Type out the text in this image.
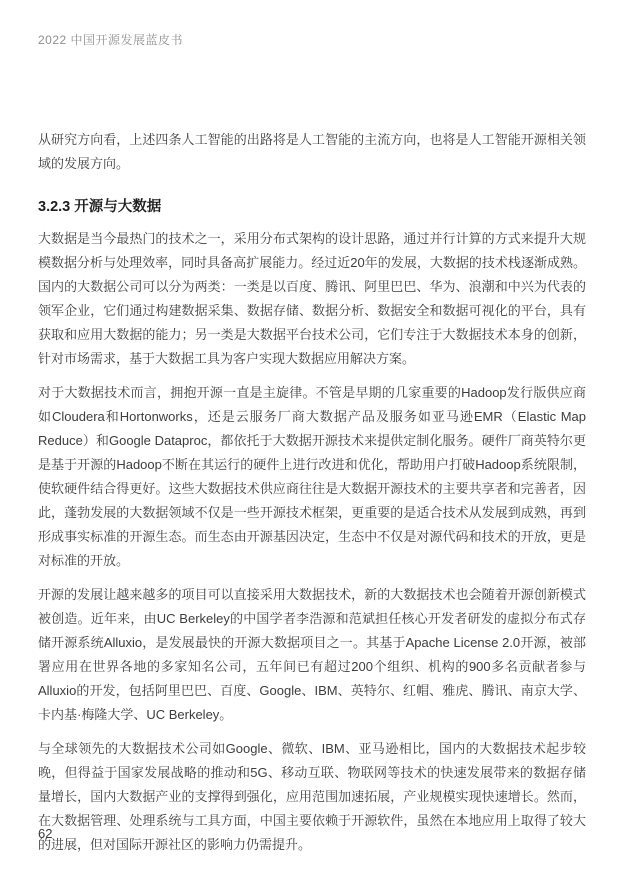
2022 中国开源发展蓝皮书

从研究方向看，上述四条人工智能的出路将是人工智能的主流方向，也将是人工智能开源相关领域的发展方向。

3.2.3 开源与大数据

大数据是当今最热门的技术之一，采用分布式架构的设计思路，通过并行计算的方式来提升大规模数据分析与处理效率，同时具备高扩展能力。经过近20年的发展，大数据的技术栈逐渐成熟。国内的大数据公司可以分为两类：一类是以百度、腾讯、阿里巴巴、华为、浪潮和中兴为代表的领军企业，它们通过构建数据采集、数据存储、数据分析、数据安全和数据可视化的平台，具有获取和应用大数据的能力；另一类是大数据平台技术公司，它们专注于大数据技术本身的创新，针对市场需求，基于大数据工具为客户实现大数据应用解决方案。

对于大数据技术而言，拥抱开源一直是主旋律。不管是早期的几家重要的Hadoop发行版供应商如Cloudera和Hortonworks，还是云服务厂商大数据产品及服务如亚马逊EMR（Elastic Map Reduce）和Google Dataproc，都依托于大数据开源技术来提供定制化服务。硬件厂商英特尔更是基于开源的Hadoop不断在其运行的硬件上进行改进和优化，帮助用户打破Hadoop系统限制，使软硬件结合得更好。这些大数据技术供应商往往是大数据开源技术的主要共享者和完善者，因此，蓬勃发展的大数据领域不仅是一些开源技术框架，更重要的是适合技术从发展到成熟，再到形成事实标准的开源生态。而生态由开源基因决定，生态中不仅是对源代码和技术的开放，更是对标准的开放。

开源的发展让越来越多的项目可以直接采用大数据技术，新的大数据技术也会随着开源创新模式被创造。近年来，由UC Berkeley的中国学者李浩源和范斌担任核心开发者研发的虚拟分布式存储开源系统Alluxio，是发展最快的开源大数据项目之一。其基于Apache License 2.0开源，被部署应用在世界各地的多家知名公司，五年间已有超过200个组织、机构的900多名贡献者参与Alluxio的开发，包括阿里巴巴、百度、Google、IBM、英特尔、红帽、雅虎、腾讯、南京大学、卡内基·梅隆大学、UC Berkeley。

与全球领先的大数据技术公司如Google、微软、IBM、亚马逊相比，国内的大数据技术起步较晚，但得益于国家发展战略的推动和5G、移动互联、物联网等技术的快速发展带来的数据存储量增长，国内大数据产业的支撑得到强化，应用范围加速拓展，产业规模实现快速增长。然而，在大数据管理、处理系统与工具方面，中国主要依赖于开源软件，虽然在本地应用上取得了较大的进展，但对国际开源社区的影响力仍需提升。

62
